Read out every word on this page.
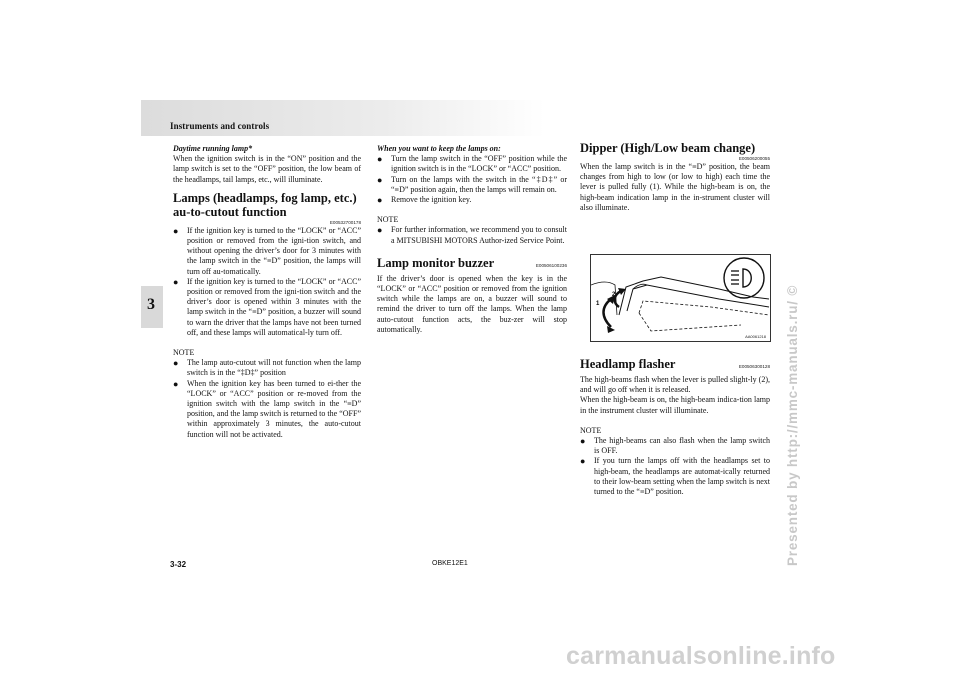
Instruments and controls
3

Daytime running lamp*

When the ignition switch is in the “ON” position and the lamp switch is set to the “OFF” position, the low beam of the headlamps, tail lamps, etc., will illuminate.

Lamps (headlamps, fog lamp, etc.) au-to-cutout function

E00532700178
●	If the ignition key is turned to the “LOCK” or “ACC” position or removed from the igni-tion switch, and without opening the driver’s door for 3 minutes with the lamp switch in the “≡D” position, the lamps will turn off au-tomatically.
●	If the ignition key is turned to the “LOCK” or “ACC” position or removed from the igni-tion switch and the driver’s door is opened within 3 minutes with the lamp switch in the “≡D” position, a buzzer will sound to warn the driver that the lamps have not been turned off, and these lamps will automatical-ly turn off.

NOTE

●	The lamp auto-cutout will not function when the lamp switch is in the “‡D‡” position
●	When the ignition key has been turned to ei-ther the “LOCK” or “ACC” position or re-moved from the ignition switch with the lamp switch in the “≡D” position, and the lamp switch is returned to the “OFF” within approximately 3 minutes, the auto-cutout function will not be activated.

When you want to keep the lamps on:

●	Turn the lamp switch in the “OFF” position while the ignition switch is in the “LOCK” or “ACC” position.
●	Turn on the lamps with the switch in the “‡D‡” or “≡D” position again, then the lamps will remain on.
●	Remove the ignition key.

NOTE

●	For further information, we recommend you to consult a MITSUBISHI MOTORS Author-ized Service Point.

Lamp monitor buzzer	E00506100236

If the driver’s door is opened when the key is in the “LOCK” or “ACC” position or removed from the ignition switch while the lamps are on, a buzzer will sound to remind the driver to turn off the lamps. When the lamp auto-cutout function acts, the buz-zer will stop automatically.

Dipper (High/Low beam change)

E00506200055

When the lamp switch is in the “≡D” position, the beam changes from high to low (or low to high) each time the lever is pulled fully (1). While the high-beam is on, the high-beam indication lamp in the in-strument cluster will also illuminate.

1
2
AA0061218

Headlamp flasher	E00506300128

The high-beams flash when the lever is pulled slight-ly (2), and will go off when it is released.

When the high-beam is on, the high-beam indica-tion lamp in the instrument cluster will illuminate.

NOTE

●	The high-beams can also flash when the lamp switch is OFF.
●	If you turn the lamps off with the headlamps set to high-beam, the headlamps are automat-ically returned to their low-beam setting when the lamp switch is next turned to the “≡D” position.
3-32	OBKE12E1	Presented by http://mmc-manuals.ru/ ©
carmanualsonline.info
